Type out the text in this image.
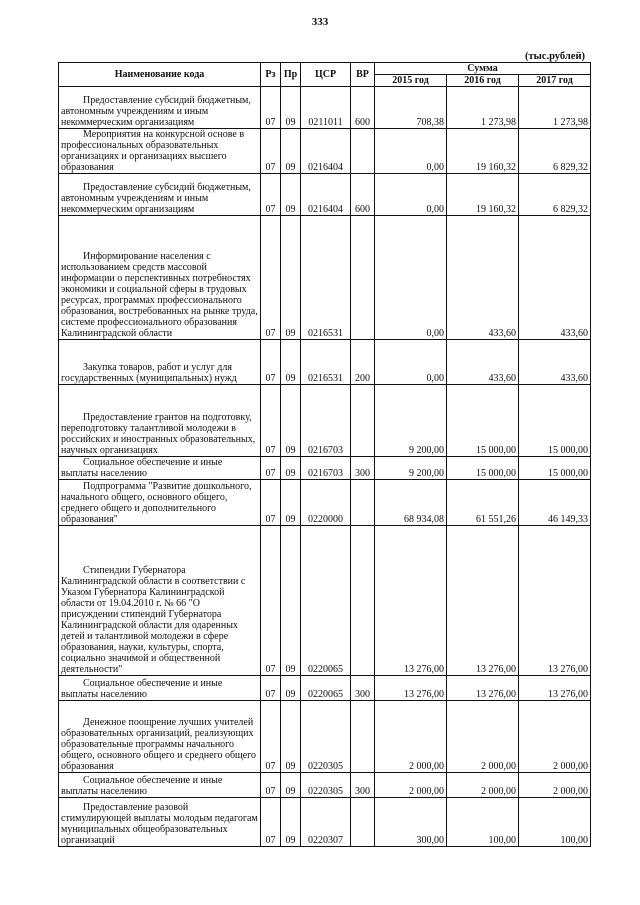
333
(тыс.рублей)
Наименование кода	Рз	Пр	ЦСР	ВР	Сумма		
					2015 год	2016 год	2017 год
Предоставление субсидий бюджетным, автономным учреждениям и иным некоммерческим организациям	07	09	0211011	600	708,38	1 273,98	1 273,98
Мероприятия на конкурсной основе в профессиональных образовательных организациях и организациях высшего образования	07	09	0216404		0,00	19 160,32	6 829,32
Предоставление субсидий бюджетным, автономным учреждениям и иным некоммерческим организациям	07	09	0216404	600	0,00	19 160,32	6 829,32
Информирование населения с использованием средств массовой информации о перспективных потребностях экономики и социальной сферы в трудовых ресурсах, программах профессионального образования, востребованных на рынке труда, системе профессионального образования Калининградской области	07	09	0216531		0,00	433,60	433,60
Закупка товаров, работ и услуг для государственных (муниципальных) нужд	07	09	0216531	200	0,00	433,60	433,60
Предоставление грантов на подготовку, переподготовку талантливой молодежи в российских и иностранных образовательных, научных организациях	07	09	0216703		9 200,00	15 000,00	15 000,00
Социальное обеспечение и иные выплаты населению	07	09	0216703	300	9 200,00	15 000,00	15 000,00
Подпрограмма "Развитие дошкольного, начального общего, основного общего, среднего общего и дополнительного образования"	07	09	0220000		68 934,08	61 551,26	46 149,33
Стипендии Губернатора Калининградской области в соответствии с Указом Губернатора Калининградской области от 19.04.2010 г. № 66 "О присуждении стипендий Губернатора Калининградской области для одаренных детей и талантливой молодежи в сфере образования, науки, культуры, спорта, социально значимой и общественной деятельности"	07	09	0220065		13 276,00	13 276,00	13 276,00
Социальное обеспечение и иные выплаты населению	07	09	0220065	300	13 276,00	13 276,00	13 276,00
Денежное поощрение лучших учителей образовательных организаций, реализующих образовательные программы начального общего, основного общего и среднего общего образования	07	09	0220305		2 000,00	2 000,00	2 000,00
Социальное обеспечение и иные выплаты населению	07	09	0220305	300	2 000,00	2 000,00	2 000,00
Предоставление разовой стимулирующей выплаты молодым педагогам муниципальных общеобразовательных организаций	07	09	0220307		300,00	100,00	100,00
